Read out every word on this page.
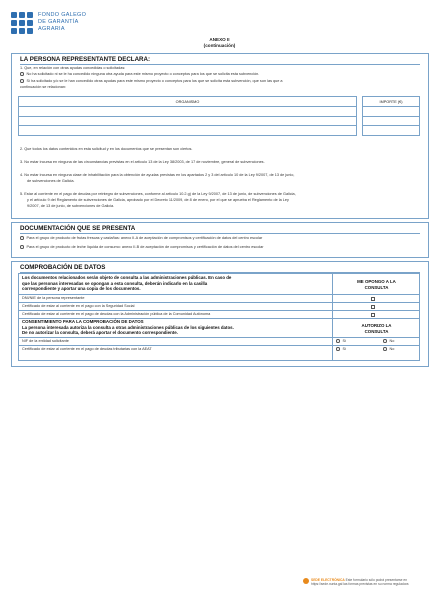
FONDO GALEGO
DE GARANTÍA
AGRARIA
ANEXO II
(continuación)
LA PERSONA REPRESENTANTE DECLARA:
1. Que, en relación con otras ayudas concedidas o solicitadas:
No ha solicitado ni se le ha concedido ninguna otra ayuda para este mismo proyecto o conceptos para los que se solicita esta subvención.
Sí ha solicitado y/o se le han concedido otras ayudas para este mismo proyecto o conceptos para los que se solicita esta subvención, que son las que a
continuación se relacionan:
ORGANISMO		IMPORTE (€)

2. Que todos los datos contenidos en esta solicitud y en los documentos que se presentan son ciertos.
3. No estar incursa en ninguna de las circunstancias previstas en el artículo 13 de la Ley 38/2003, de 17 de noviembre, general de subvenciones.
4. No estar incursa en ninguna clase de inhabilitación para la obtención de ayudas previstas en los apartados 2 y 3 del artículo 10 de la Ley 9/2007, de 13 de junio,
de subvenciones de Galicia.
5. Estar al corriente en el pago de deudas por reintegro de subvenciones, conforme al artículo 10.2.g) de la Ley 9/2007, de 13 de junio, de subvenciones de Galicia,
y el artículo 9 del Reglamento de subvenciones de Galicia, aprobado por el Decreto 11/2009, de 8 de enero, por el que se aprueba el Reglamento de la Ley
9/2007, de 13 de junio, de subvenciones de Galicia.
DOCUMENTACIÓN QUE SE PRESENTA
Para el grupo de producto de frutas frescas y castañas: anexo II-A de aceptación de compromisos y certificación de datos del centro escolar
Para el grupo de producto de leche líquida de consumo: anexo II-B de aceptación de compromisos y certificación de datos del centro escolar
COMPROBACIÓN DE DATOS
Los documentos relacionados serán objeto de consulta a las administraciones públicas. En caso de
que las personas interesadas se opongan a esta consulta, deberán indicarlo en la casilla
correspondiente y aportar una copia de los documentos.
ME OPONGO A LA
CONSULTA
DNI/NIE de la persona representante
Certificado de estar al corriente en el pago con la Seguridad Social
Certificado de estar al corriente en el pago de deudas con la Administración pública de la Comunidad Autónoma
CONSENTIMIENTO PARA LA COMPROBACIÓN DE DATOS
La persona interesada autoriza la consulta a otras administraciones públicas de los siguientes datos.
De no autorizar la consulta, deberá aportar el documento correspondiente.
AUTORIZO LA
CONSULTA
NIF de la entidad solicitante	Sí	No
Certificado de estar al corriente en el pago de deudas tributarias con la AEAT	Sí	No
SEDE ELECTRÓNICA Este formulario sólo podrá presentarse en
https://sede.xunta.gal las formas previstas en su norma reguladora
